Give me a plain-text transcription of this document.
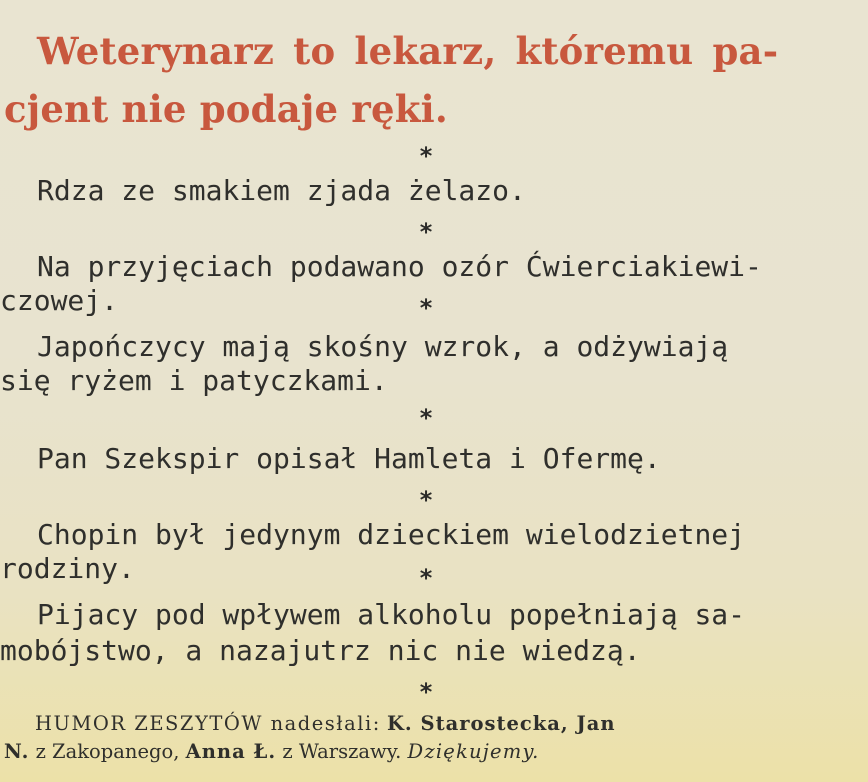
Weterynarz to lekarz, któremu pa-
cjent nie podaje ręki.
*
Rdza ze smakiem zjada żelazo.
*
Na przyjęciach podawano ozór Ćwierciakiewi-
czowej.	*
Japończycy mają skośny wzrok, a odżywiają
się ryżem i patyczkami.
*
Pan Szekspir opisał Hamleta i Ofermę.
*
Chopin był jedynym dzieckiem wielodzietnej
rodziny.	*
Pijacy pod wpływem alkoholu popełniają sa-
mobójstwo, a nazajutrz nic nie wiedzą.
*
HUMOR ZESZYTÓW nadesłali: K. Starostecka, Jan
N. z Zakopanego, Anna Ł. z Warszawy. Dziękujemy.
